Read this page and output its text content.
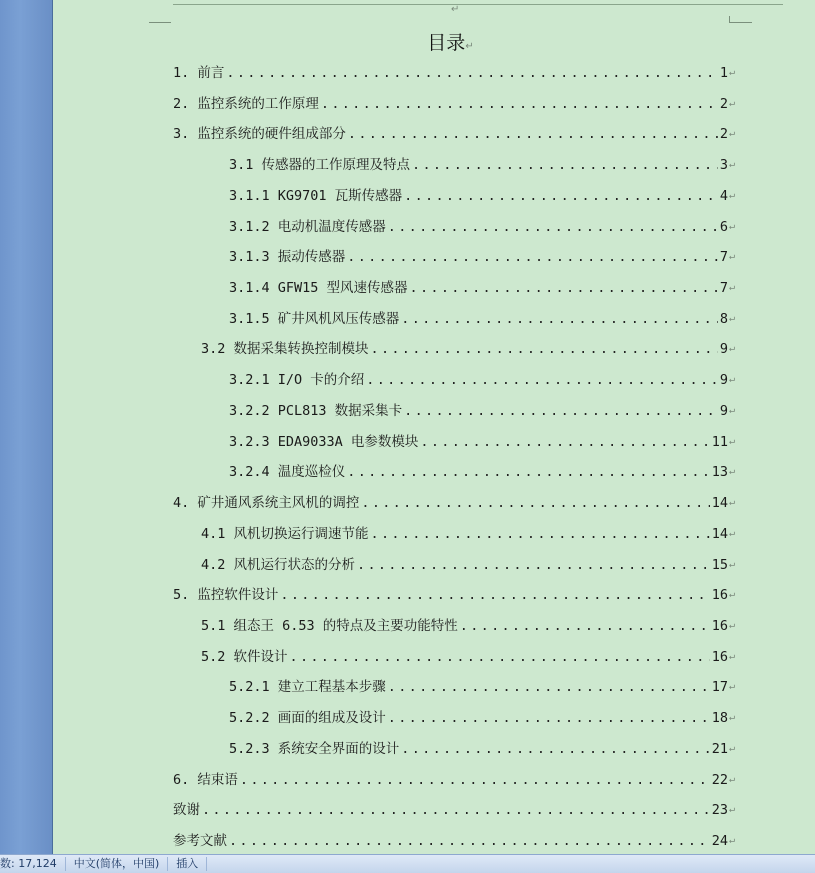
↵
目录↵
1. 前言 .....	1 ↵
2. 监控系统的工作原理 .....	2 ↵
3. 监控系统的硬件组成部分 .....	2 ↵
3.1 传感器的工作原理及特点 .....	3 ↵
3.1.1 KG9701 瓦斯传感器 .....	4 ↵
3.1.2 电动机温度传感器 .....	6 ↵
3.1.3 振动传感器 .....	7 ↵
3.1.4 GFW15 型风速传感器 .....	7 ↵
3.1.5 矿井风机风压传感器 .....	8 ↵
3.2 数据采集转换控制模块 .....	9 ↵
3.2.1 I/O 卡的介绍 .....	9 ↵
3.2.2 PCL813 数据采集卡 .....	9 ↵
3.2.3 EDA9033A 电参数模块 .....	11 ↵
3.2.4 温度巡检仪 .....	13 ↵
4. 矿井通风系统主风机的调控 .....	14 ↵
4.1 风机切换运行调速节能 .....	14 ↵
4.2 风机运行状态的分析 .....	15 ↵
5. 监控软件设计 .....	16 ↵
5.1 组态王 6.53 的特点及主要功能特性 .....	16 ↵
5.2 软件设计 .....	16 ↵
5.2.1 建立工程基本步骤 .....	17 ↵
5.2.2 画面的组成及设计 .....	18 ↵
5.2.3 系统安全界面的设计 .....	21 ↵
6. 结束语 .....	22 ↵
致谢 .....	23 ↵
参考文献 .....	24 ↵
数: 17,124	中文(简体，中国)	插入
